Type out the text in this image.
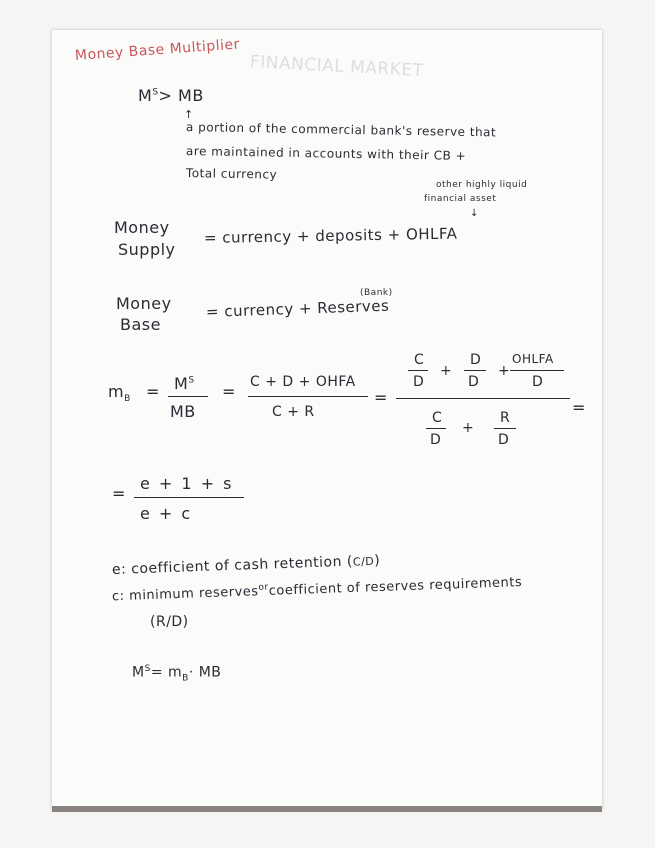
FINANCIAL MARKET
Money Base Multiplier
$M^S>$ MB
↑
a portion of the commercial bank's reserve that
are maintained in accounts with their CB +
Total currency
other highly liquid
financial asset
↓
Money
Supply
= currency + deposits + OHLFA
(Bank)
Money
Base
= currency + Reserves
$m_B = M^S$
MB
= C + D + OHFA
C + R
=
C
D
+
D
D
+
OHLFA
D
=
C
D
+
R
D
=
e + 1 + s
e + c
e: coefficient of cash retention (C/D)
c: minimum reserves$^{or}$coefficient of reserves requirements
(R/D)
$M^S= m_B\cdot$ MB
